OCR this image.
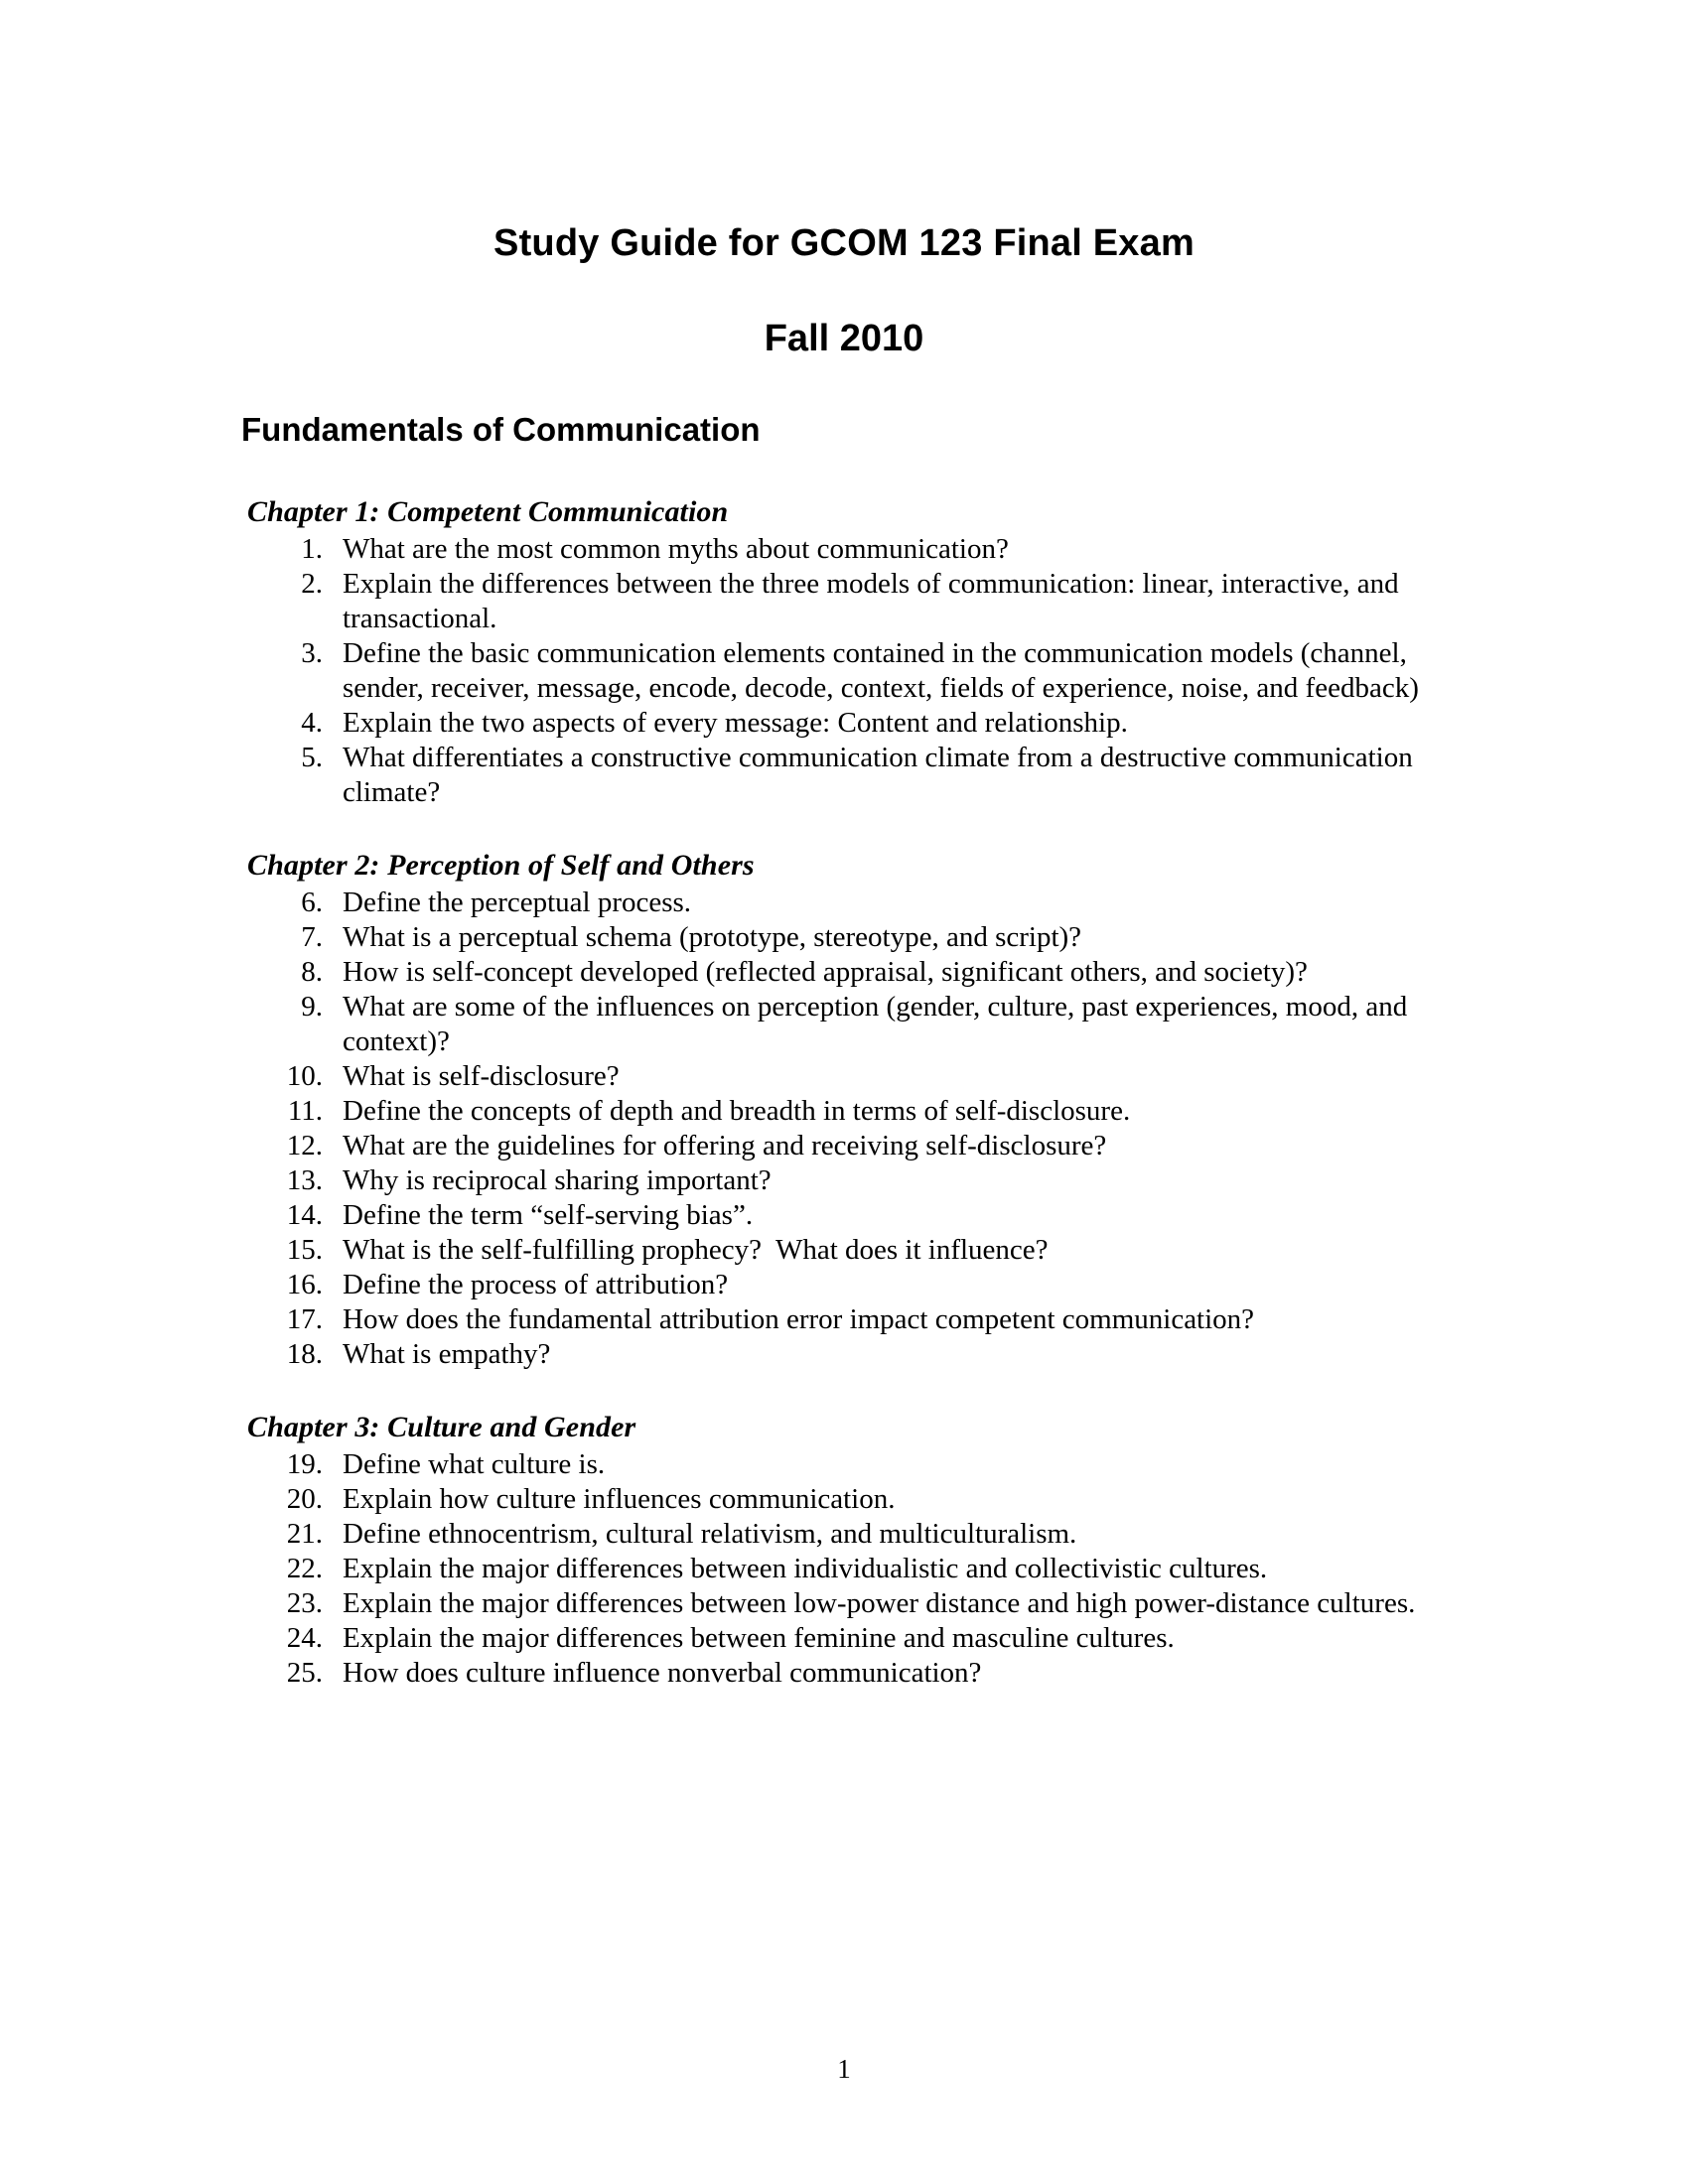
Study Guide for GCOM 123 Final Exam
Fall 2010
Fundamentals of Communication
Chapter 1: Competent Communication
1. What are the most common myths about communication?
2. Explain the differences between the three models of communication: linear, interactive, and transactional.
3. Define the basic communication elements contained in the communication models (channel, sender, receiver, message, encode, decode, context, fields of experience, noise, and feedback)
4. Explain the two aspects of every message: Content and relationship.
5. What differentiates a constructive communication climate from a destructive communication climate?
Chapter 2: Perception of Self and Others
6. Define the perceptual process.
7. What is a perceptual schema (prototype, stereotype, and script)?
8. How is self-concept developed (reflected appraisal, significant others, and society)?
9. What are some of the influences on perception (gender, culture, past experiences, mood, and context)?
10. What is self-disclosure?
11. Define the concepts of depth and breadth in terms of self-disclosure.
12. What are the guidelines for offering and receiving self-disclosure?
13. Why is reciprocal sharing important?
14. Define the term “self-serving bias”.
15. What is the self-fulfilling prophecy?  What does it influence?
16. Define the process of attribution?
17. How does the fundamental attribution error impact competent communication?
18. What is empathy?
Chapter 3: Culture and Gender
19. Define what culture is.
20. Explain how culture influences communication.
21. Define ethnocentrism, cultural relativism, and multiculturalism.
22. Explain the major differences between individualistic and collectivistic cultures.
23. Explain the major differences between low-power distance and high power-distance cultures.
24. Explain the major differences between feminine and masculine cultures.
25. How does culture influence nonverbal communication?
1
